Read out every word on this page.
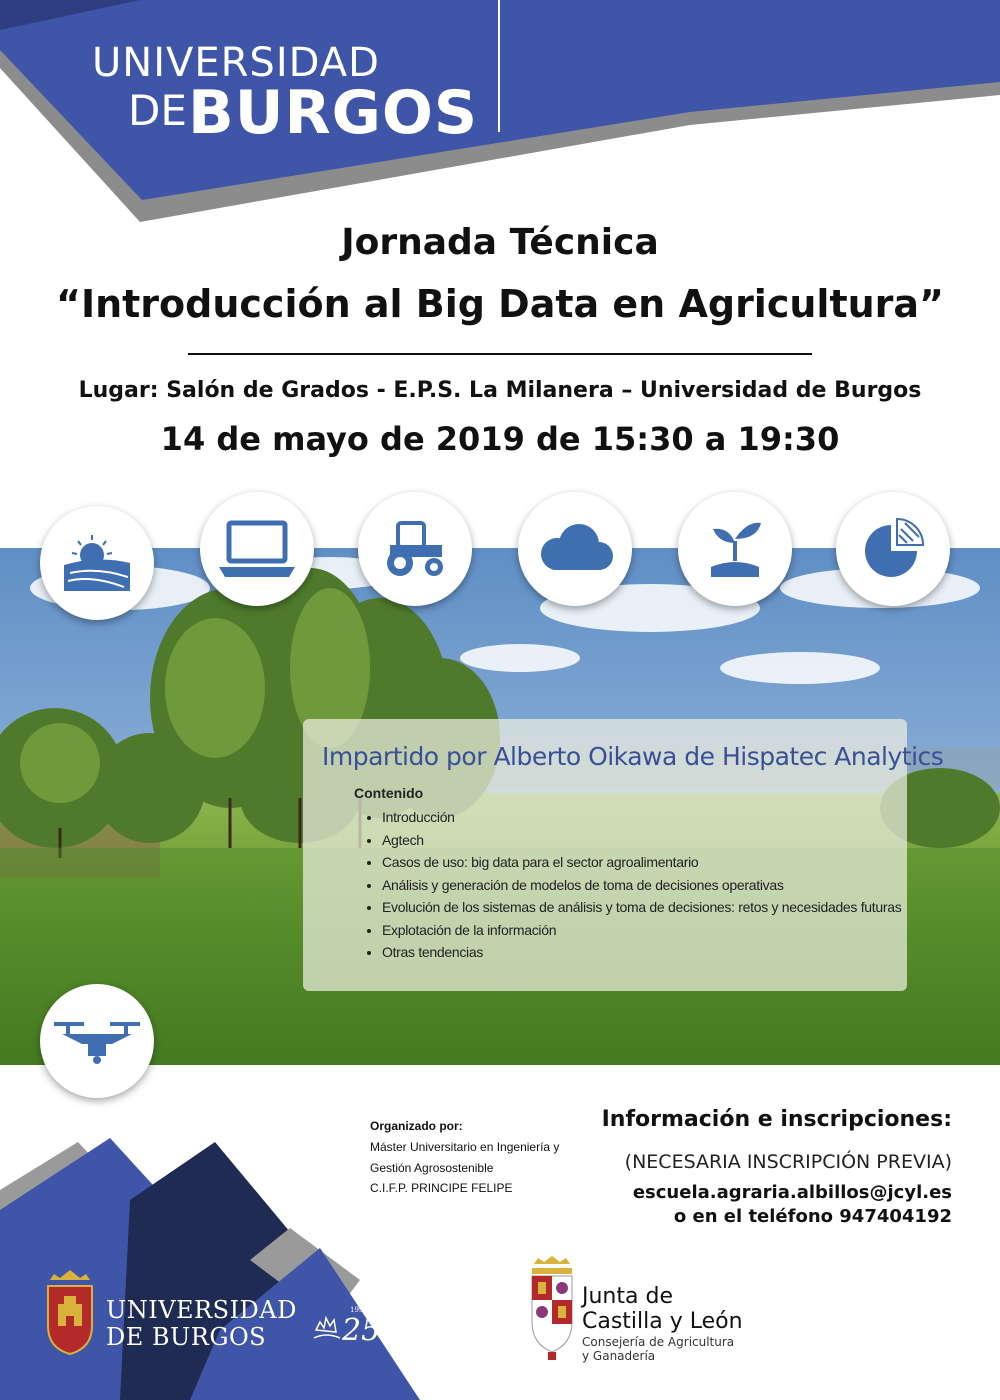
UNIVERSIDAD
DE BURGOS
Jornada Técnica
“Introducción al Big Data en Agricultura”
Lugar: Salón de Grados - E.P.S. La Milanera – Universidad de Burgos
14 de mayo de 2019 de 15:30 a 19:30
Impartido por Alberto Oikawa de Hispatec Analytics
Contenido
• Introducción
• Agtech
• Casos de uso: big data para el sector agroalimentario
• Análisis y generación de modelos de toma de decisiones operativas
• Evolución de los sistemas de análisis y toma de decisiones: retos y necesidades futuras
• Explotación de la información
• Otras tendencias
UNIVERSIDAD
DE BURGOS	25
1994-2019
Organizado por:
Máster Universitario en Ingeniería y
Gestión Agrosostenible
C.I.F.P. PRINCIPE FELIPE
Información e inscripciones:
(NECESARIA INSCRIPCIÓN PREVIA)
escuela.agraria.albillos@jcyl.es
o en el teléfono 947404192
Junta de
Castilla y León
Consejería de Agricultura
y Ganadería
